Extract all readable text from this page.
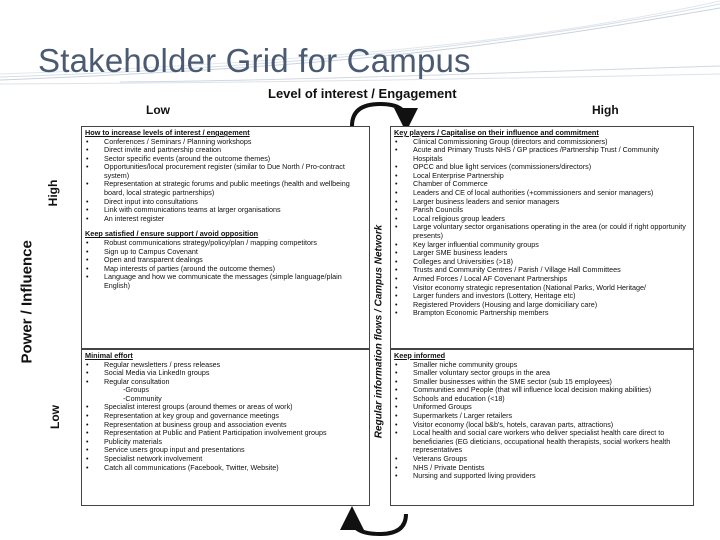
Stakeholder Grid for Campus
Level of interest / Engagement
Low	High
Power / Influence
High
Low
How to increase levels of interest / engagement
• Conferences / Seminars / Planning workshops
• Direct invite and partnership creation
• Sector specific events (around the outcome themes)
• Opportunities/local procurement register (similar to Due North / Pro-contract system)
• Representation at strategic forums and public meetings (health and wellbeing board, local strategic partnerships)
• Direct input into consultations
• Link with communications teams at larger organisations
• An interest register
Keep satisfied / ensure support / avoid opposition
• Robust communications strategy/policy/plan / mapping competitors
• Sign up to Campus Covenant
• Open and transparent dealings
• Map interests of parties (around the outcome themes)
• Language and how we communicate the messages (simple language/plain English)
Key players / Capitalise on their influence and commitment
• Clinical Commissioning Group (directors and commissioners)
• Acute and Primary Trusts NHS / GP practices /Partnership Trust / Community Hospitals
• OPCC and blue light services (commissioners/directors)
• Local Enterprise Partnership
• Chamber of Commerce
• Leaders and CE of local authorities (+commissioners and senior managers)
• Larger business leaders and senior managers
• Parish Councils
• Local religious group leaders
• Large voluntary sector organisations operating in the area (or could if right opportunity presents)
• Key larger influential community groups
• Larger SME business leaders
• Colleges and Universities (>18)
• Trusts and Community Centres / Parish / Village Hall Committees
• Armed Forces / Local AF Covenant Partnerships
• Visitor economy strategic representation (National Parks, World Heritage/
• Larger funders and investors (Lottery, Heritage etc)
• Registered Providers (Housing and large domiciliary care)
• Brampton Economic Partnership members
Minimal effort
• Regular newsletters / press releases
• Social Media via LinkedIn groups
• Regular consultation
-Groups
-Community
• Specialist interest groups (around themes or areas of work)
• Representation at key group and governance meetings
• Representation at business group and association events
• Representation at Public and Patient Participation involvement groups
• Publicity materials
• Service users group input and presentations
• Specialist network involvement
• Catch all communications (Facebook, Twitter, Website)
Keep informed
• Smaller niche community groups
• Smaller voluntary sector groups in the area
• Smaller businesses within the SME sector (sub 15 employees)
• Communities and People (that will influence local decision making abilities)
• Schools and education (<18)
• Uniformed Groups
• Supermarkets / Larger retailers
• Visitor economy (local b&b's, hotels, caravan parts, attractions)
• Local health and social care workers who deliver specialist health care direct to beneficiaries (EG dieticians, occupational health therapists, social workers health representatives
• Veterans Groups
• NHS / Private Dentists
• Nursing and supported living providers
Regular information flows / Campus Network
